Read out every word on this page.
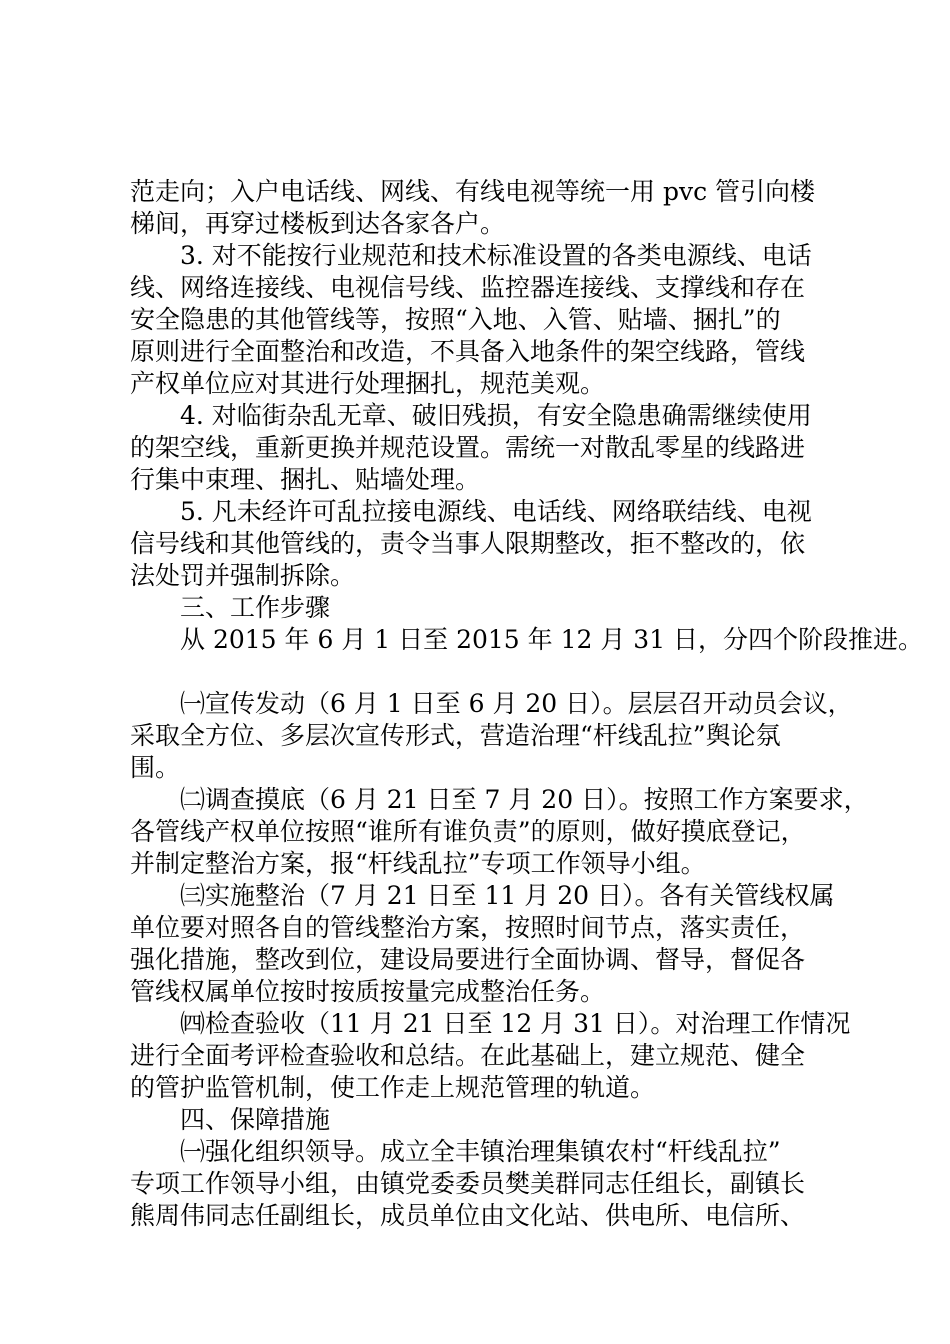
范走向；入户电话线、网线、有线电视等统一用 pvc 管引向楼
梯间，再穿过楼板到达各家各户。
　　3. 对不能按行业规范和技术标准设置的各类电源线、电话
线、网络连接线、电视信号线、监控器连接线、支撑线和存在
安全隐患的其他管线等，按照“入地、入管、贴墙、捆扎”的
原则进行全面整治和改造，不具备入地条件的架空线路，管线
产权单位应对其进行处理捆扎，规范美观。
　　4. 对临街杂乱无章、破旧残损，有安全隐患确需继续使用
的架空线，重新更换并规范设置。需统一对散乱零星的线路进
行集中束理、捆扎、贴墙处理。
　　5. 凡未经许可乱拉接电源线、电话线、网络联结线、电视
信号线和其他管线的，责令当事人限期整改，拒不整改的，依
法处罚并强制拆除。
　　三、工作步骤
　　从 2015 年 6 月 1 日至 2015 年 12 月 31 日，分四个阶段推进。
　　㈠宣传发动（6 月 1 日至 6 月 20 日）。层层召开动员会议，
采取全方位、多层次宣传形式，营造治理“杆线乱拉”舆论氛
围。
　　㈡调查摸底（6 月 21 日至 7 月 20 日）。按照工作方案要求，
各管线产权单位按照“谁所有谁负责”的原则，做好摸底登记，
并制定整治方案，报“杆线乱拉”专项工作领导小组。
　　㈢实施整治（7 月 21 日至 11 月 20 日）。各有关管线权属
单位要对照各自的管线整治方案，按照时间节点，落实责任，
强化措施，整改到位，建设局要进行全面协调、督导，督促各
管线权属单位按时按质按量完成整治任务。
　　㈣检查验收（11 月 21 日至 12 月 31 日）。对治理工作情况
进行全面考评检查验收和总结。在此基础上，建立规范、健全
的管护监管机制，使工作走上规范管理的轨道。
　　四、保障措施
　　㈠强化组织领导。成立全丰镇治理集镇农村“杆线乱拉”
专项工作领导小组，由镇党委委员樊美群同志任组长，副镇长
熊周伟同志任副组长，成员单位由文化站、供电所、电信所、
